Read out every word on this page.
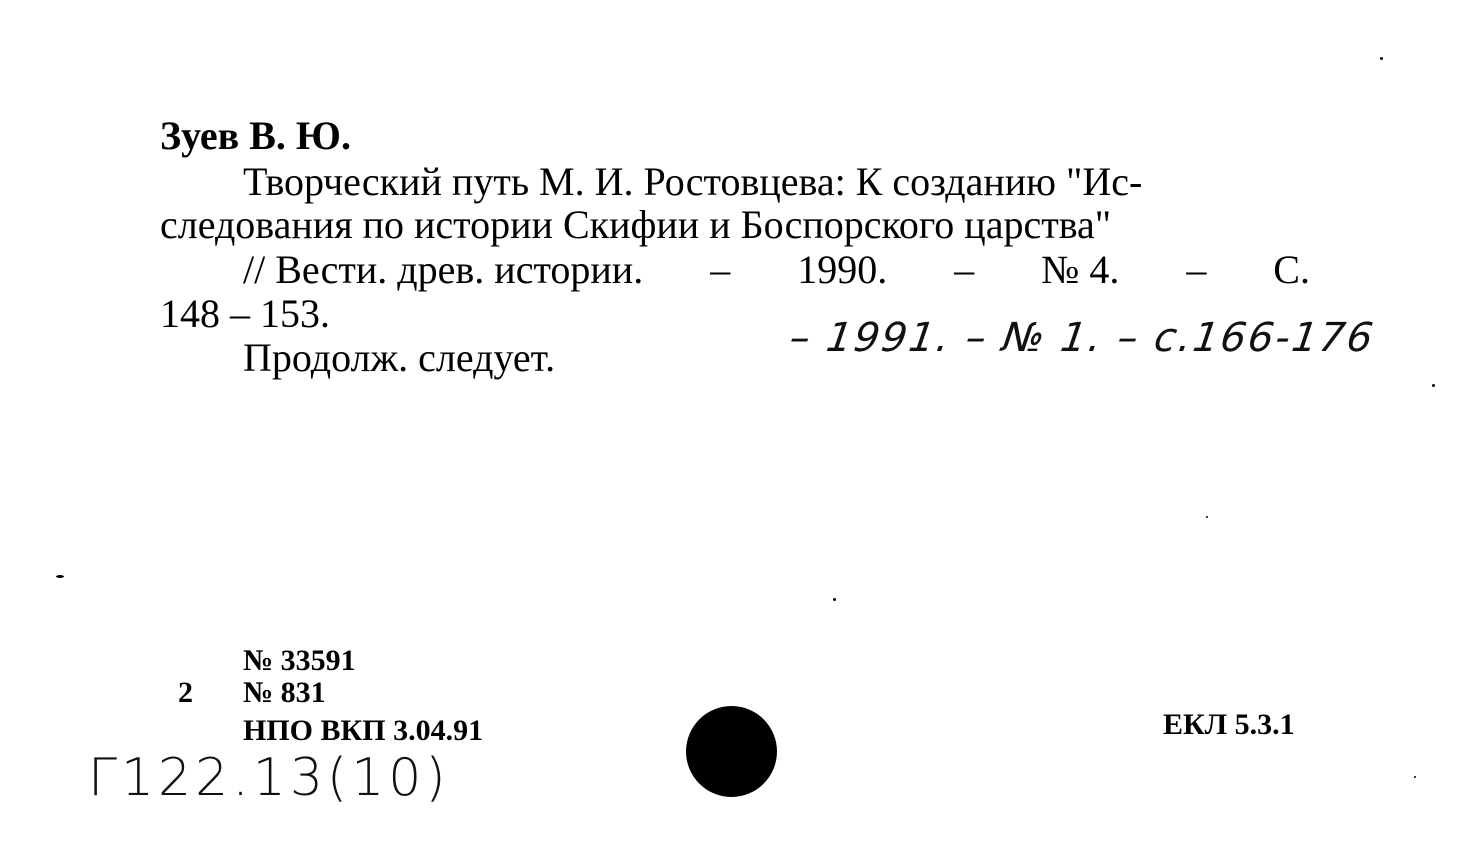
Зуев В. Ю.
Творческий путь М. И. Ростовцева: К созданию "Ис-
следования по истории Скифии и Боспорского царства"
// Вести. древ. истории. – 1990. – № 4. – С.
148 – 153.
Продолж. следует.	– 1991. – № 1. – с.166-176
№ 33591
2 № 831
НПО ВКП 3.04.91	ЕКЛ 5.3.1
Г122.13(10)
